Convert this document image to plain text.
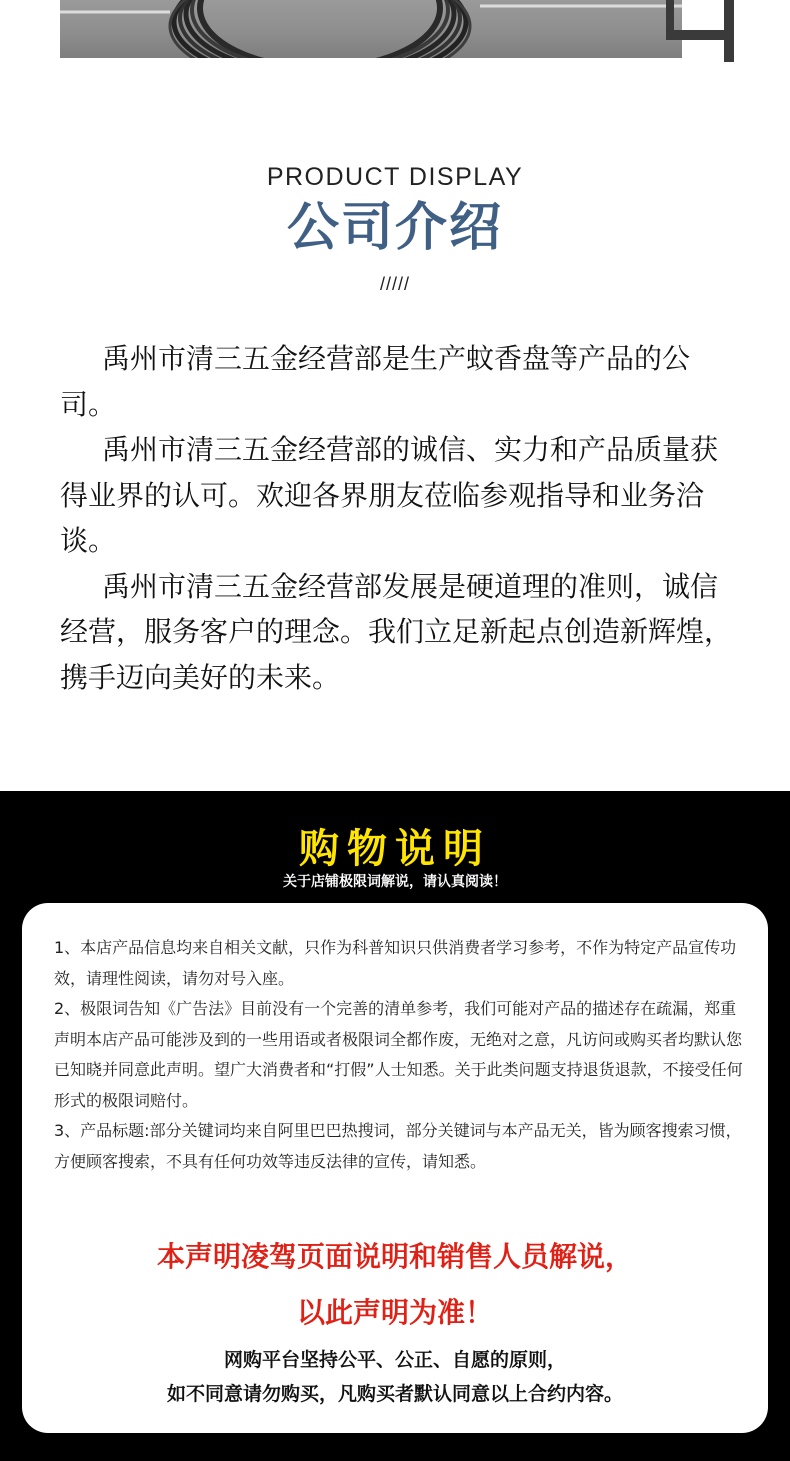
PRODUCT DISPLAY
公司介绍
/////

禹州市清三五金经营部是生产蚊香盘等产品的公司。

禹州市清三五金经营部的诚信、实力和产品质量获得业界的认可。欢迎各界朋友莅临参观指导和业务洽谈。

禹州市清三五金经营部发展是硬道理的准则，诚信经营，服务客户的理念。我们立足新起点创造新辉煌，携手迈向美好的未来。

购物说明
关于店铺极限词解说，请认真阅读！

1、本店产品信息均来自相关文献，只作为科普知识只供消费者学习参考，不作为特定产品宣传功效，请理性阅读，请勿对号入座。

2、极限词告知《广告法》目前没有一个完善的清单参考，我们可能对产品的描述存在疏漏，郑重声明本店产品可能涉及到的一些用语或者极限词全都作废，无绝对之意，凡访问或购买者均默认您已知晓并同意此声明。望广大消费者和“打假”人士知悉。关于此类问题支持退货退款，不接受任何形式的极限词赔付。

3、产品标题:部分关键词均来自阿里巴巴热搜词，部分关键词与本产品无关，皆为顾客搜索习惯，方便顾客搜索，不具有任何功效等违反法律的宣传，请知悉。

本声明凌驾页面说明和销售人员解说，
以此声明为准！
网购平台坚持公平、公正、自愿的原则，
如不同意请勿购买，凡购买者默认同意以上合约内容。
